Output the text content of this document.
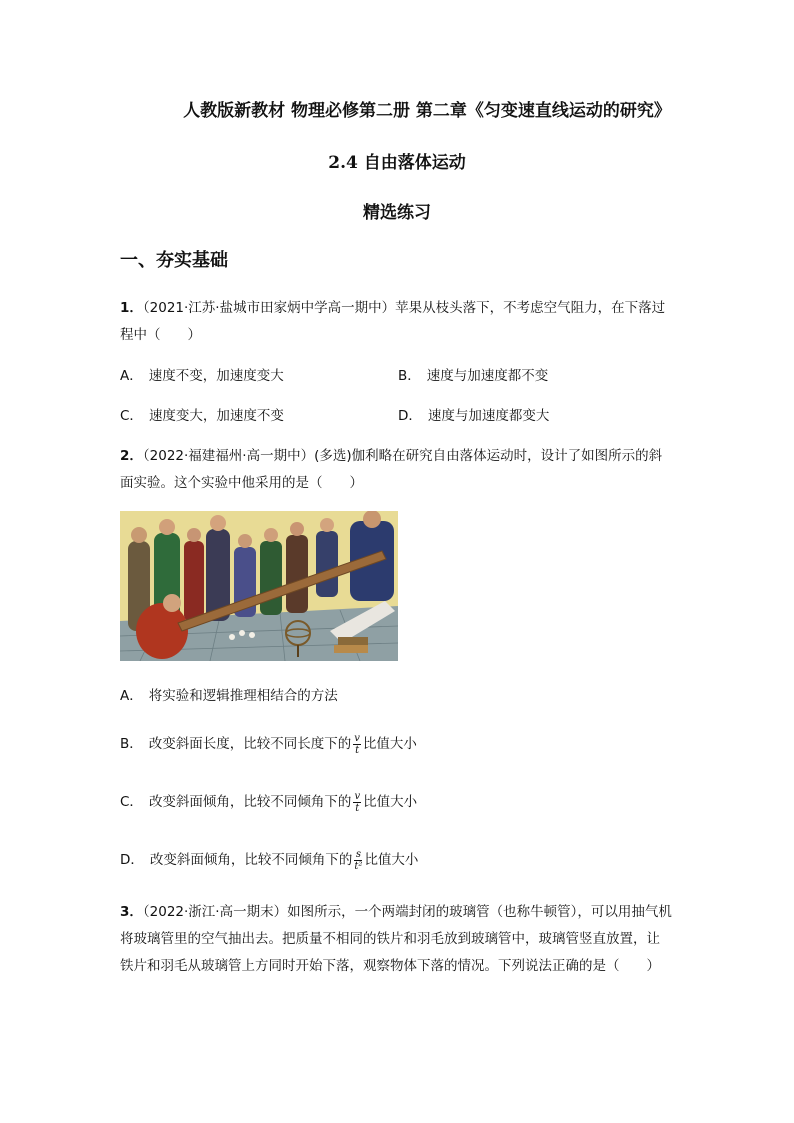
人教版新教材 物理必修第二册 第二章《匀变速直线运动的研究》
2.4 自由落体运动
精选练习
一、夯实基础
1．（2021·江苏·盐城市田家炳中学高一期中）苹果从枝头落下，不考虑空气阻力，在下落过
程中（　　）
A． 速度不变，加速度变大	B． 速度与加速度都不变
C． 速度变大，加速度不变	D． 速度与加速度都变大
2．（2022·福建福州·高一期中）(多选)伽利略在研究自由落体运动时，设计了如图所示的斜
面实验。这个实验中他采用的是（　　）
A． 将实验和逻辑推理相结合的方法
B． 改变斜面长度，比较不同长度下的 $\frac{v}{t}$ 比值大小
C． 改变斜面倾角，比较不同倾角下的 $\frac{v}{t}$ 比值大小
D． 改变斜面倾角，比较不同倾角下的 $\frac{s}{\text{t²}}$ 比值大小
3．（2022·浙江·高一期末）如图所示，一个两端封闭的玻璃管（也称牛顿管），可以用抽气机
将玻璃管里的空气抽出去。把质量不相同的铁片和羽毛放到玻璃管中，玻璃管竖直放置，让
铁片和羽毛从玻璃管上方同时开始下落，观察物体下落的情况。下列说法正确的是（　　）
